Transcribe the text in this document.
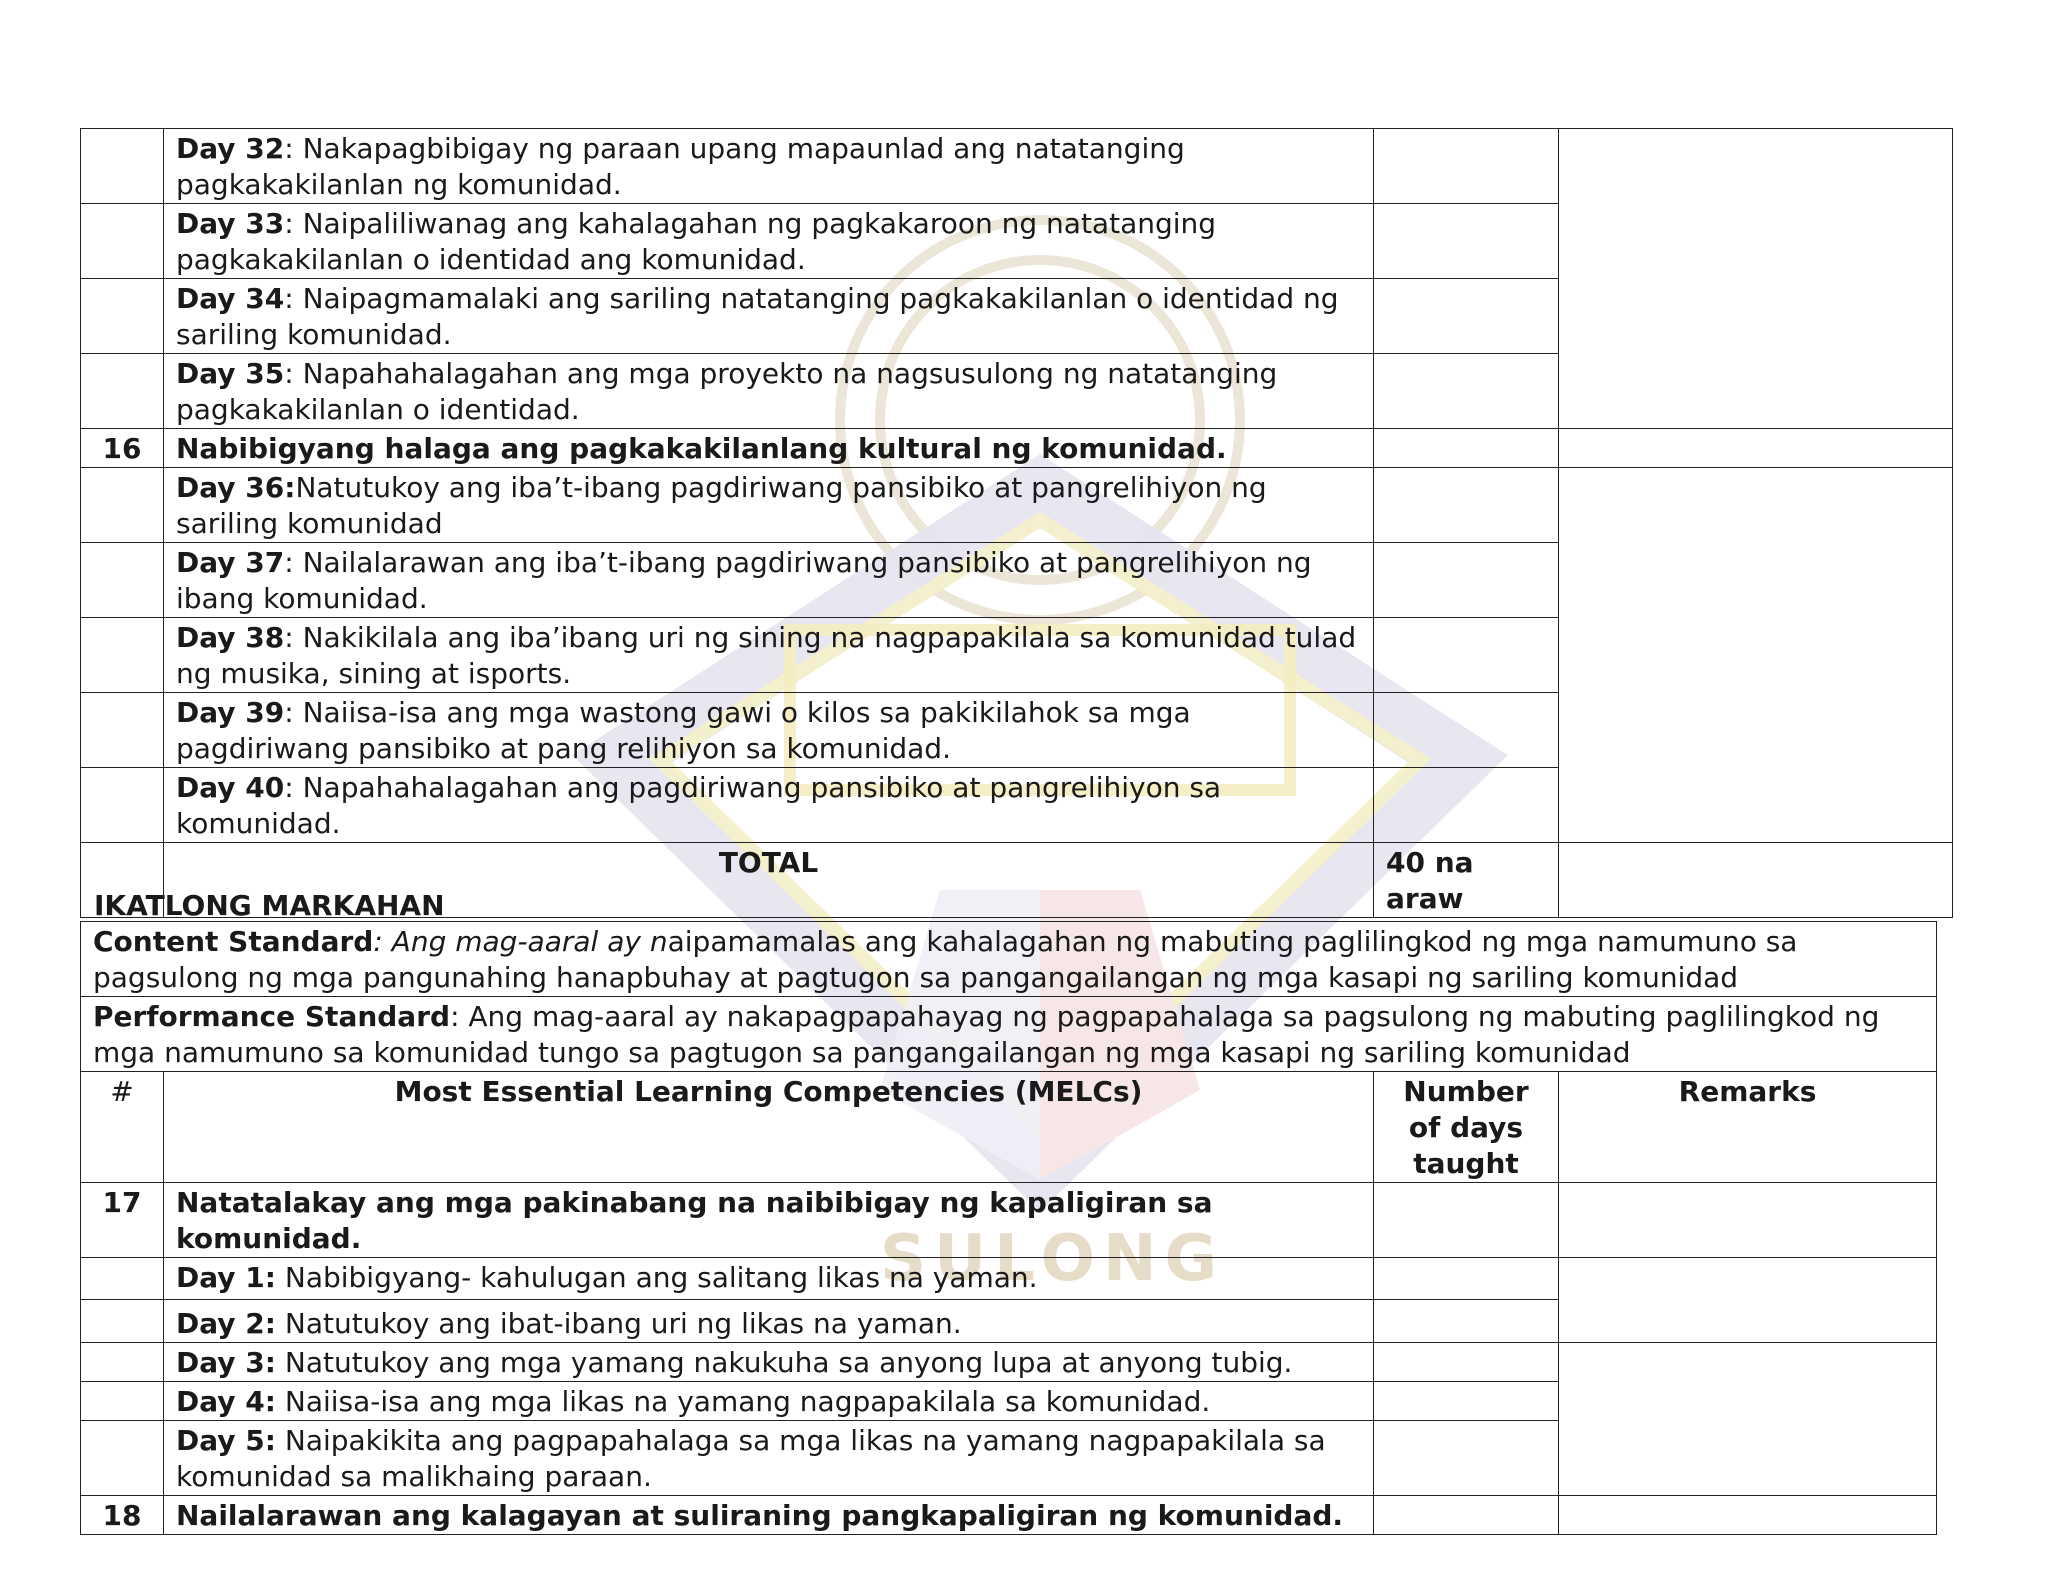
SULONG
	Day 32: Nakapagbibigay ng paraan upang mapaunlad ang natatanging pagkakakilanlan ng komunidad.		
	Day 33: Naipaliliwanag ang kahalagahan ng pagkakaroon ng natatanging pagkakakilanlan o identidad ang komunidad.		
	Day 34: Naipagmamalaki ang sariling natatanging pagkakakilanlan o identidad ng sariling komunidad.		
	Day 35: Napahahalagahan ang mga proyekto na nagsusulong ng natatanging pagkakakilanlan o identidad.		
16	Nabibigyang halaga ang pagkakakilanlang kultural ng komunidad.		
	Day 36:Natutukoy ang iba’t-ibang pagdiriwang pansibiko at pangrelihiyon ng sariling komunidad		
	Day 37: Nailalarawan ang iba’t-ibang pagdiriwang pansibiko at pangrelihiyon ng ibang komunidad.		
	Day 38: Nakikilala ang iba’ibang uri ng sining na nagpapakilala sa komunidad tulad ng musika, sining at isports.		
	Day 39: Naiisa-isa ang mga wastong gawi o kilos sa pakikilahok sa mga pagdiriwang pansibiko at pang relihiyon sa komunidad.		
	Day 40: Napahahalagahan ang pagdiriwang pansibiko at pangrelihiyon sa komunidad.		
	TOTAL	40 na araw	
IKATLONG MARKAHAN
Content Standard: Ang mag-aaral ay naipamamalas ang kahalagahan ng mabuting paglilingkod ng mga namumuno sa pagsulong ng mga pangunahing hanapbuhay at pagtugon sa pangangailangan ng mga kasapi ng sariling komunidad			
Performance Standard: Ang mag-aaral ay nakapagpapahayag ng pagpapahalaga sa pagsulong ng mabuting paglilingkod ng mga namumuno sa komunidad tungo sa pagtugon sa pangangailangan ng mga kasapi ng sariling komunidad			
#	Most Essential Learning Competencies (MELCs)	Number of days taught	Remarks
17	Natatalakay ang mga pakinabang na naibibigay ng kapaligiran sa komunidad.		
	Day 1: Nabibigyang- kahulugan ang salitang likas na yaman.		
	Day 2: Natutukoy ang ibat-ibang uri ng likas na yaman.		
	Day 3: Natutukoy ang mga yamang nakukuha sa anyong lupa at anyong tubig.		
	Day 4: Naiisa-isa ang mga likas na yamang nagpapakilala sa komunidad.		
	Day 5: Naipakikita ang pagpapahalaga sa mga likas na yamang nagpapakilala sa komunidad sa malikhaing paraan.		
18	Nailalarawan ang kalagayan at suliraning pangkapaligiran ng komunidad.		
